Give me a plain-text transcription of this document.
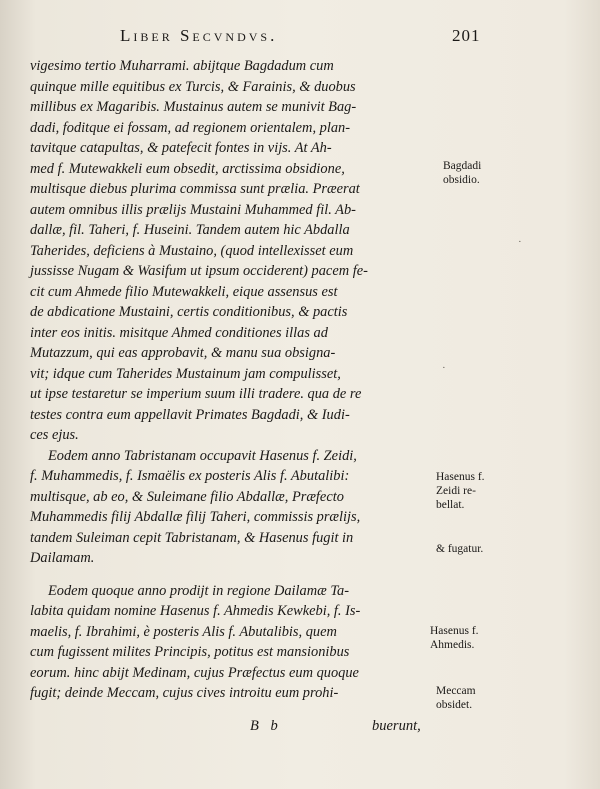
Liber Secvndvs.	201
vigesimo tertio Muharrami. abijtque Bagdadum cum
quinque mille equitibus ex Turcis, & Farainis, & duobus
millibus ex Magaribis. Mustainus autem se munivit Bag-
dadi, foditque ei fossam, ad regionem orientalem, plan-
tavitque catapultas, & patefecit fontes in vijs. At Ah-
med f. Mutewakkeli eum obsedit, arctissima obsidione,
multisque diebus plurima commissa sunt prælia. Præerat
autem omnibus illis prælijs Mustaini Muhammed fil. Ab-
dallæ, fil. Taheri, f. Huseini. Tandem autem hic Abdalla
Taherides, deficiens à Mustaino, (quod intellexisset eum
jussisse Nugam & Wasifum ut ipsum occiderent) pacem fe-
cit cum Ahmede filio Mutewakkeli, eique assensus est
de abdicatione Mustaini, certis conditionibus, & pactis
inter eos initis. misitque Ahmed conditiones illas ad
Mutazzum, qui eas approbavit, & manu sua obsigna-
vit; idque cum Taherides Mustainum jam compulisset,
ut ipse testaretur se imperium suum illi tradere. qua de re
testes contra eum appellavit Primates Bagdadi, & Iudi-
ces ejus.
Eodem anno Tabristanam occupavit Hasenus f. Zeidi,
f. Muhammedis, f. Ismaëlis ex posteris Alis f. Abutalibi:
multisque, ab eo, & Suleimane filio Abdallæ, Præfecto
Muhammedis filij Abdallæ filij Taheri, commissis prælijs,
tandem Suleiman cepit Tabristanam, & Hasenus fugit in
Dailamam.
Eodem quoque anno prodijt in regione Dailamæ Ta-
labita quidam nomine Hasenus f. Ahmedis Kewkebi, f. Is-
maelis, f. Ibrahimi, è posteris Alis f. Abutalibis, quem
cum fugissent milites Principis, potitus est mansionibus
eorum. hinc abijt Medinam, cujus Præfectus eum quoque
fugit; deinde Meccam, cujus cives introitu eum prohi-
Bagdadi
obsidio.
Hasenus f.
Zeidi re-
bellat.
& fugatur.
Hasenus f.
Ahmedis.
Meccam
obsidet.
·
·
B b	buerunt,
